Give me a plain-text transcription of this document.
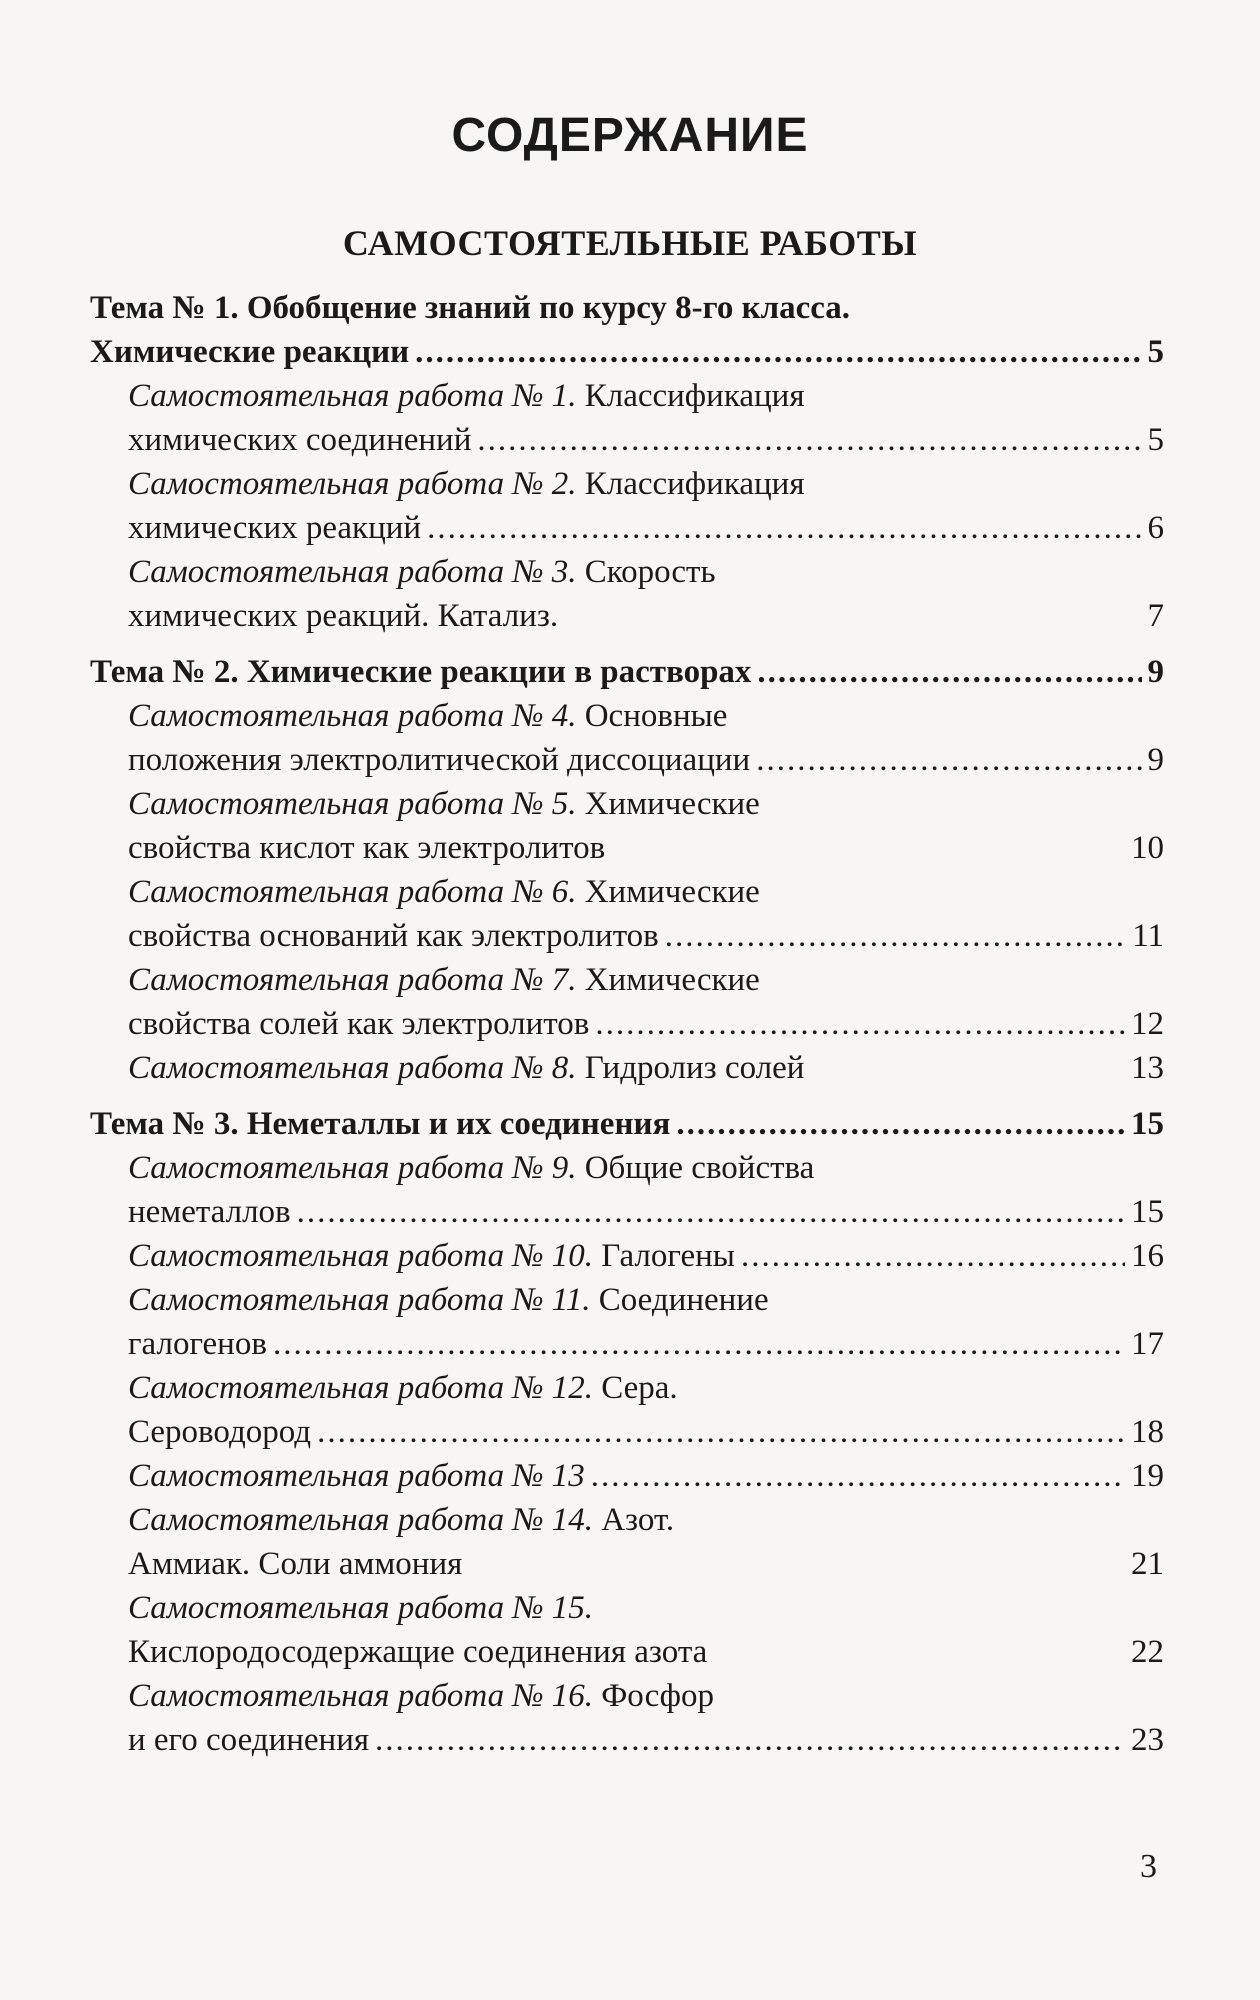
СОДЕРЖАНИЕ
САМОСТОЯТЕЛЬНЫЕ РАБОТЫ
Тема № 1. Обобщение знаний по курсу 8-го класса.
Химические реакции .....	5
Самостоятельная работа № 1. Классификация
химических соединений .....	5
Самостоятельная работа № 2. Классификация
химических реакций .....	6
Самостоятельная работа № 3. Скорость
химических реакций. Катализ.	7
Тема № 2. Химические реакции в растворах .....	9
Самостоятельная работа № 4. Основные
положения электролитической диссоциации .....	9
Самостоятельная работа № 5. Химические
свойства кислот как электролитов	10
Самостоятельная работа № 6. Химические
свойства оснований как электролитов .....	11
Самостоятельная работа № 7. Химические
свойства солей как электролитов .....	12
Самостоятельная работа № 8. Гидролиз солей	13
Тема № 3. Неметаллы и их соединения .....	15
Самостоятельная работа № 9. Общие свойства
неметаллов .....	15
Самостоятельная работа № 10. Галогены .....	16
Самостоятельная работа № 11. Соединение
галогенов .....	17
Самостоятельная работа № 12. Сера.
Сероводород .....	18
Самостоятельная работа № 13 .....	19
Самостоятельная работа № 14. Азот.
Аммиак. Соли аммония	21
Самостоятельная работа № 15.
Кислородосодержащие соединения азота	22
Самостоятельная работа № 16. Фосфор
и его соединения .....	23
3
